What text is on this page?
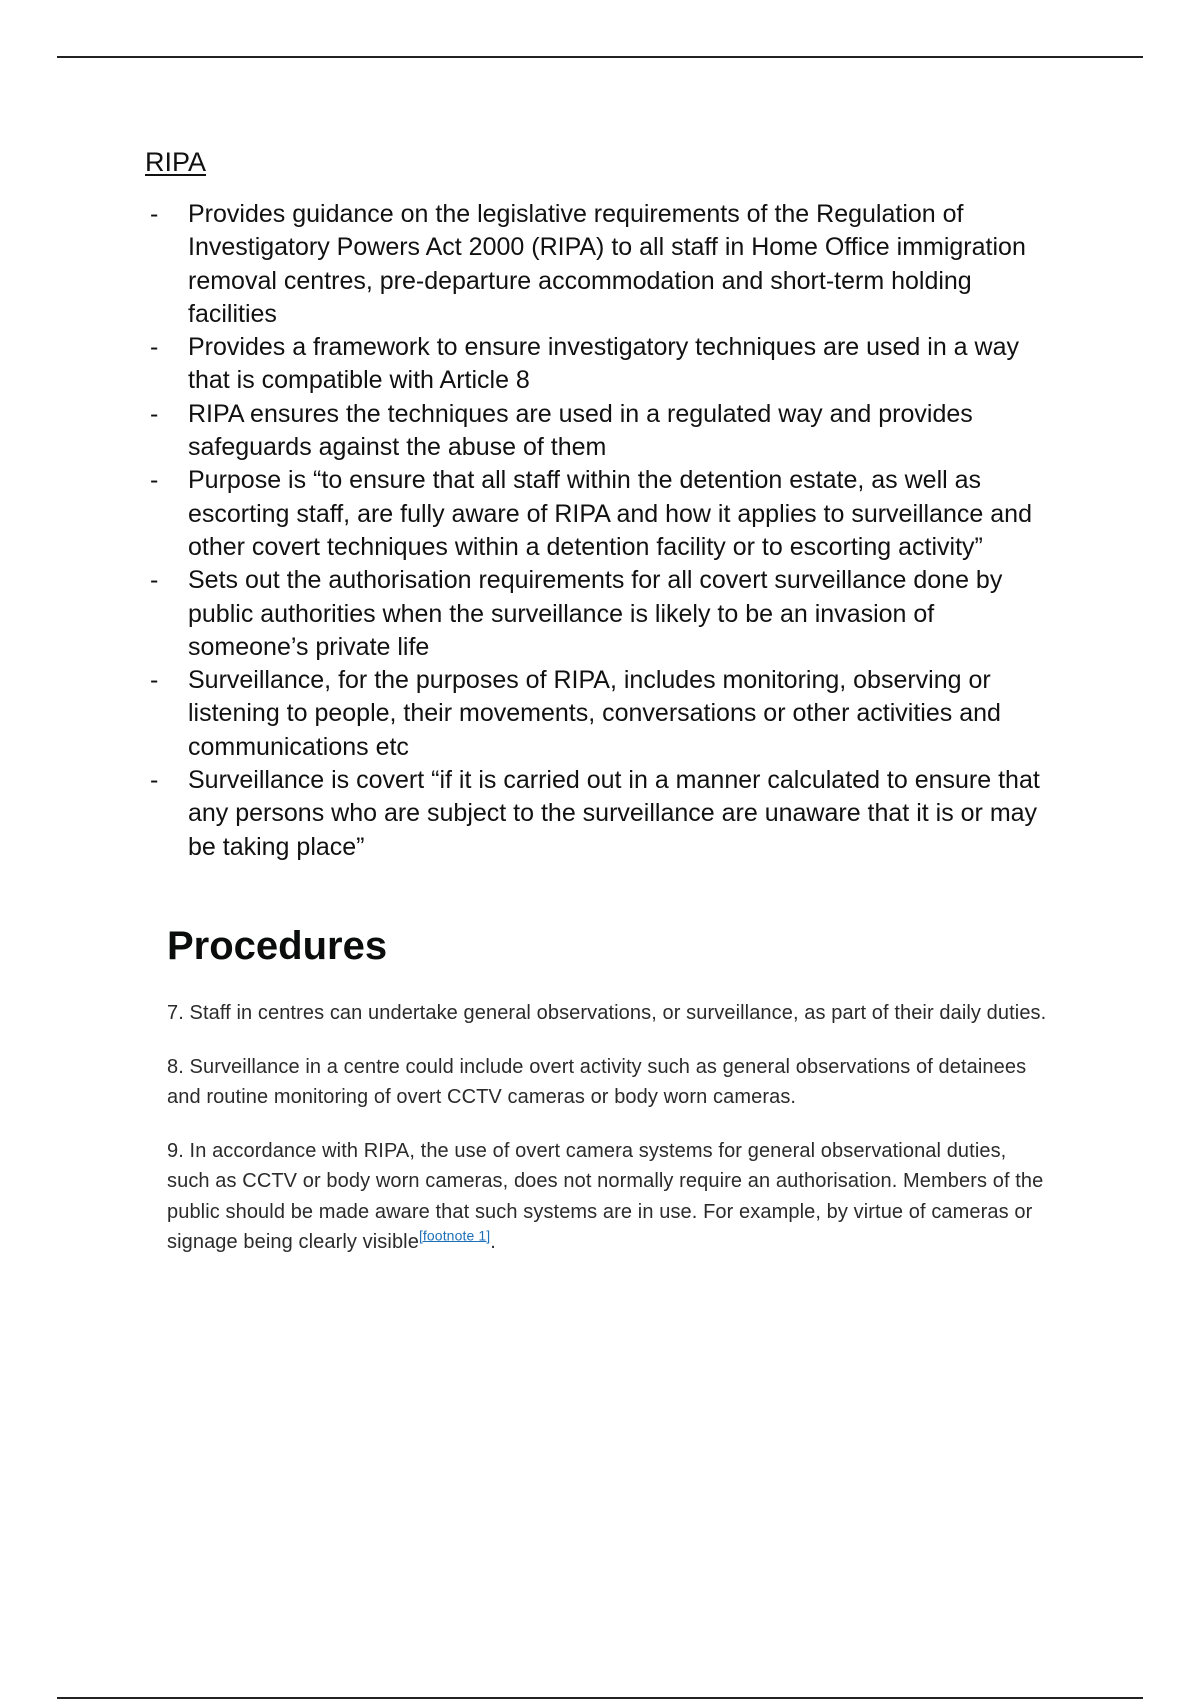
RIPA
- Provides guidance on the legislative requirements of the Regulation of Investigatory Powers Act 2000 (RIPA) to all staff in Home Office immigration removal centres, pre-departure accommodation and short-term holding facilities
- Provides a framework to ensure investigatory techniques are used in a way that is compatible with Article 8
- RIPA ensures the techniques are used in a regulated way and provides safeguards against the abuse of them
- Purpose is “to ensure that all staff within the detention estate, as well as escorting staff, are fully aware of RIPA and how it applies to surveillance and other covert techniques within a detention facility or to escorting activity”
- Sets out the authorisation requirements for all covert surveillance done by public authorities when the surveillance is likely to be an invasion of someone’s private life
- Surveillance, for the purposes of RIPA, includes monitoring, observing or listening to people, their movements, conversations or other activities and communications etc
- Surveillance is covert “if it is carried out in a manner calculated to ensure that any persons who are subject to the surveillance are unaware that it is or may be taking place”
Procedures

7. Staff in centres can undertake general observations, or surveillance, as part of their daily duties.

8. Surveillance in a centre could include overt activity such as general observations of detainees and routine monitoring of overt CCTV cameras or body worn cameras.

9. In accordance with RIPA, the use of overt camera systems for general observational duties, such as CCTV or body worn cameras, does not normally require an authorisation. Members of the public should be made aware that such systems are in use. For example, by virtue of cameras or signage being clearly visible[footnote 1].
